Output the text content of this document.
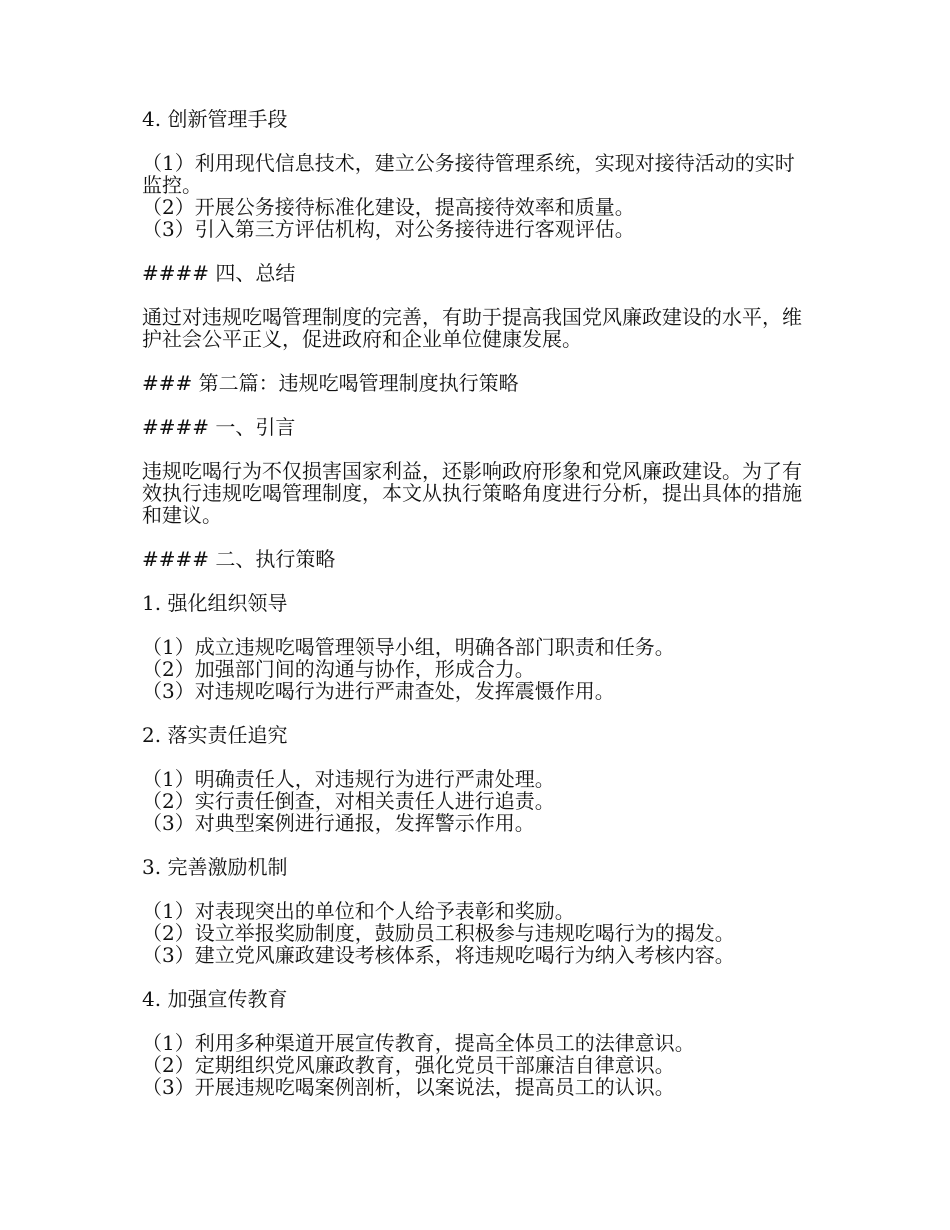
4. 创新管理手段

（1）利用现代信息技术，建立公务接待管理系统，实现对接待活动的实时监控。

（2）开展公务接待标准化建设，提高接待效率和质量。

（3）引入第三方评估机构，对公务接待进行客观评估。

#### 四、总结

通过对违规吃喝管理制度的完善，有助于提高我国党风廉政建设的水平，维护社会公平正义，促进政府和企业单位健康发展。

### 第二篇：违规吃喝管理制度执行策略

#### 一、引言

违规吃喝行为不仅损害国家利益，还影响政府形象和党风廉政建设。为了有效执行违规吃喝管理制度，本文从执行策略角度进行分析，提出具体的措施和建议。

#### 二、执行策略

1. 强化组织领导

（1）成立违规吃喝管理领导小组，明确各部门职责和任务。

（2）加强部门间的沟通与协作，形成合力。

（3）对违规吃喝行为进行严肃查处，发挥震慑作用。

2. 落实责任追究

（1）明确责任人，对违规行为进行严肃处理。

（2）实行责任倒查，对相关责任人进行追责。

（3）对典型案例进行通报，发挥警示作用。

3. 完善激励机制

（1）对表现突出的单位和个人给予表彰和奖励。

（2）设立举报奖励制度，鼓励员工积极参与违规吃喝行为的揭发。

（3）建立党风廉政建设考核体系，将违规吃喝行为纳入考核内容。

4. 加强宣传教育

（1）利用多种渠道开展宣传教育，提高全体员工的法律意识。

（2）定期组织党风廉政教育，强化党员干部廉洁自律意识。

（3）开展违规吃喝案例剖析，以案说法，提高员工的认识。
